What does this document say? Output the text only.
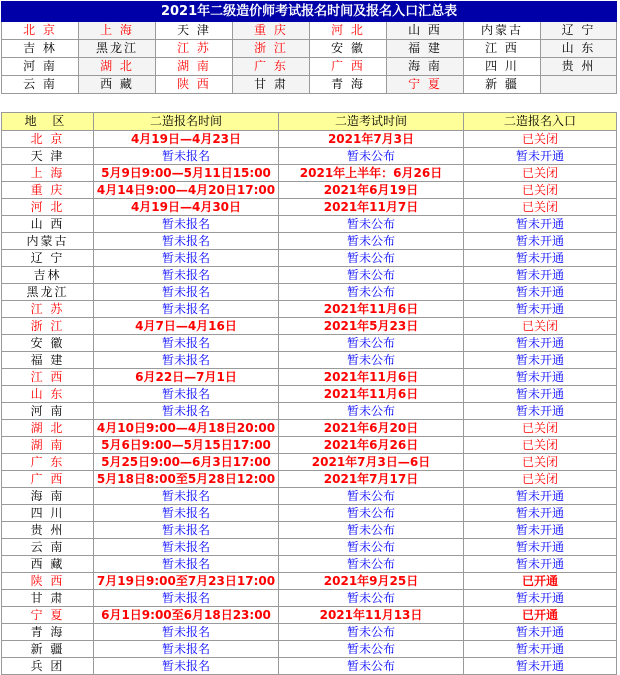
2021年二级造价师考试报名时间及报名入口汇总表							
北 京	上 海	天 津	重 庆	河 北	山 西	内蒙古	辽 宁
吉 林	黑龙江	江 苏	浙 江	安 徽	福 建	江 西	山 东
河 南	湖 北	湖 南	广 东	广 西	海 南	四 川	贵 州
云 南	西 藏	陕 西	甘 肃	青 海	宁 夏	新 疆	
地 区	二造报名时间	二造考试时间	二造报名入口
北 京	4月19日—4月23日	2021年7月3日	已关闭
天 津	暂未报名	暂未公布	暂未开通
上 海	5月9日9:00—5月11日15:00	2021年上半年：6月26日	已关闭
重 庆	4月14日9:00—4月20日17:00	2021年6月19日	已关闭
河 北	4月19日—4月30日	2021年11月7日	已关闭
山 西	暂未报名	暂未公布	暂未开通
内蒙古	暂未报名	暂未公布	暂未开通
辽 宁	暂未报名	暂未公布	暂未开通
吉林	暂未报名	暂未公布	暂未开通
黑龙江	暂未报名	暂未公布	暂未开通
江 苏	暂未报名	2021年11月6日	暂未开通
浙 江	4月7日—4月16日	2021年5月23日	已关闭
安 徽	暂未报名	暂未公布	暂未开通
福 建	暂未报名	暂未公布	暂未开通
江 西	6月22日—7月1日	2021年11月6日	暂未开通
山 东	暂未报名	2021年11月6日	暂未开通
河 南	暂未报名	暂未公布	暂未开通
湖 北	4月10日9:00—4月18日20:00	2021年6月20日	已关闭
湖 南	5月6日9:00—5月15日17:00	2021年6月26日	已关闭
广 东	5月25日9:00—6月3日17:00	2021年7月3日—6日	已关闭
广 西	5月18日8:00至5月28日12:00	2021年7月17日	已关闭
海 南	暂未报名	暂未公布	暂未开通
四 川	暂未报名	暂未公布	暂未开通
贵 州	暂未报名	暂未公布	暂未开通
云 南	暂未报名	暂未公布	暂未开通
西 藏	暂未报名	暂未公布	暂未开通
陕 西	7月19日9:00至7月23日17:00	2021年9月25日	已开通
甘 肃	暂未报名	暂未公布	暂未开通
宁 夏	6月1日9:00至6月18日23:00	2021年11月13日	已开通
青 海	暂未报名	暂未公布	暂未开通
新 疆	暂未报名	暂未公布	暂未开通
兵 团	暂未报名	暂未公布	暂未开通
